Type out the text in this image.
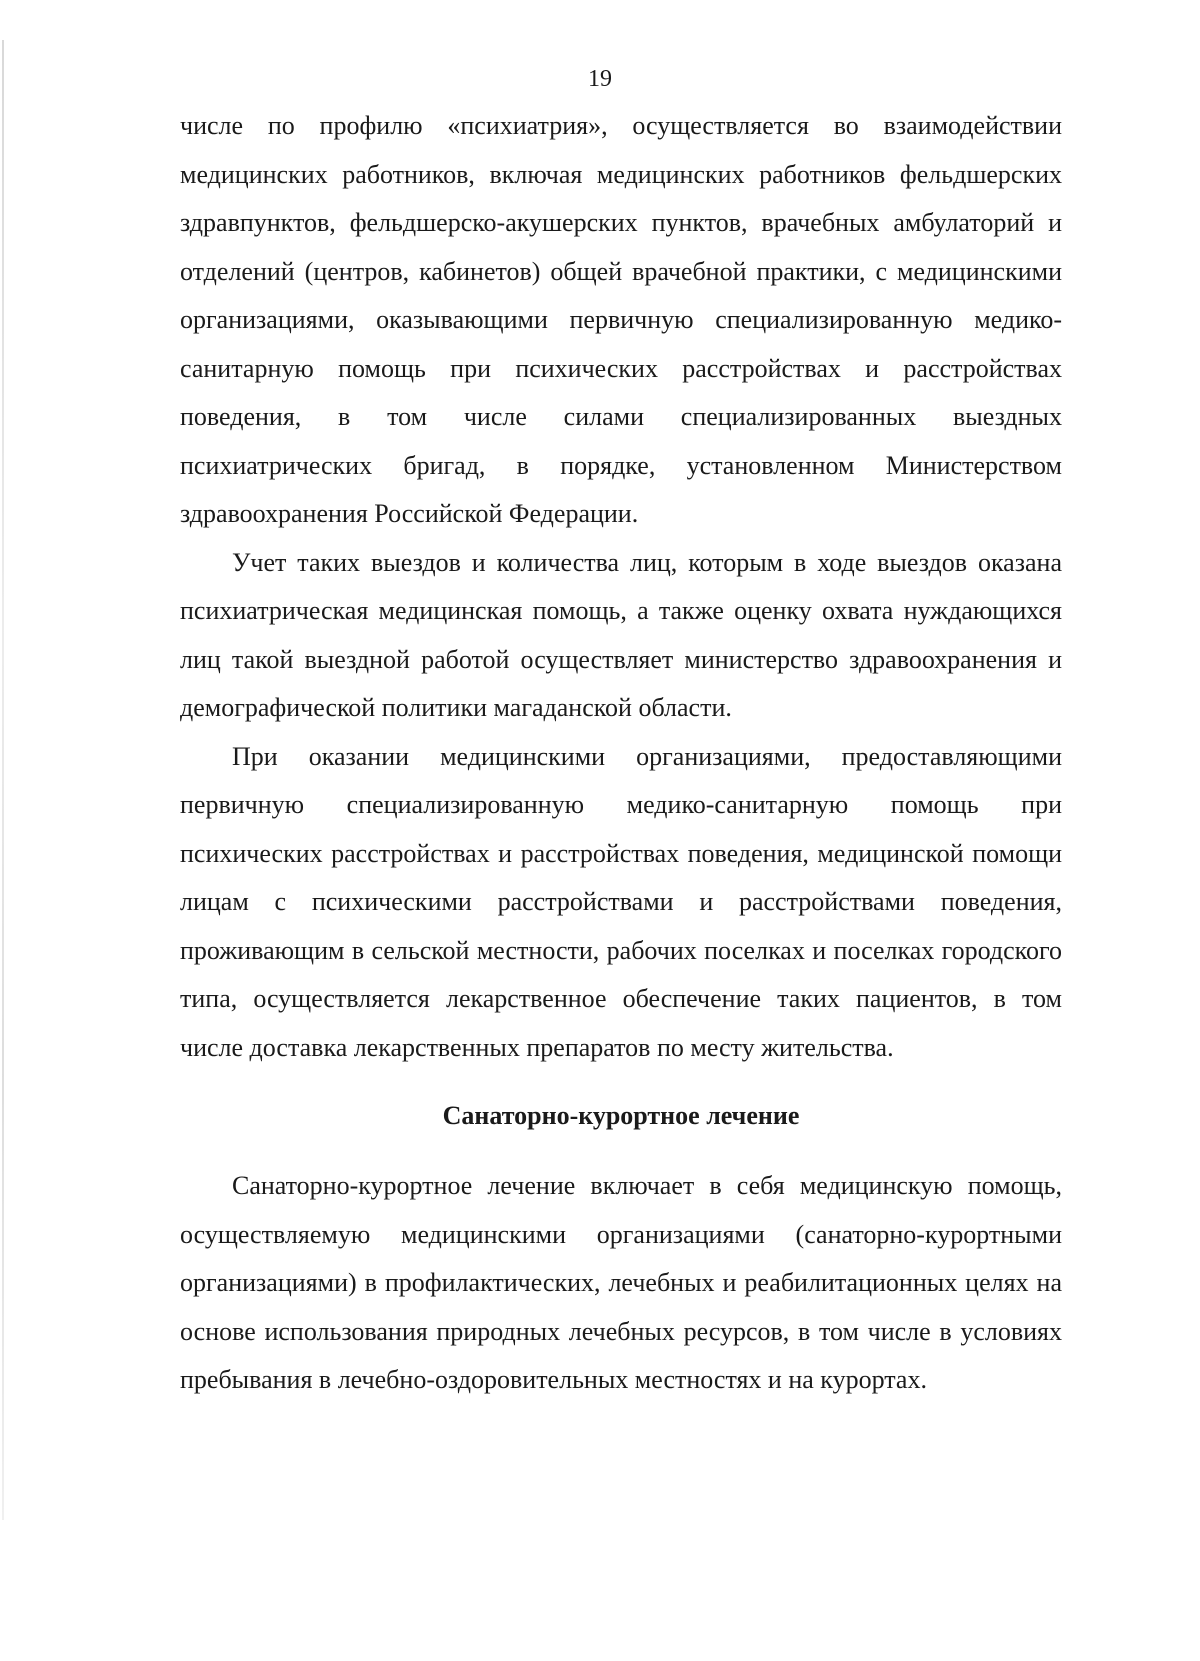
19

числе по профилю «психиатрия», осуществляется во взаимодействии медицинских работников, включая медицинских работников фельдшерских здравпунктов, фельдшерско-акушерских пунктов, врачебных амбулаторий и отделений (центров, кабинетов) общей врачебной практики, с медицинскими организациями, оказывающими первичную специализированную медико-санитарную помощь при психических расстройствах и расстройствах поведения, в том числе силами специализированных выездных психиатрических бригад, в порядке, установленном Министерством здравоохранения Российской Федерации.

Учет таких выездов и количества лиц, которым в ходе выездов оказана психиатрическая медицинская помощь, а также оценку охвата нуждающихся лиц такой выездной работой осуществляет министерство здравоохранения и демографической политики магаданской области.

При оказании медицинскими организациями, предоставляющими первичную специализированную медико-санитарную помощь при психических расстройствах и расстройствах поведения, медицинской помощи лицам с психическими расстройствами и расстройствами поведения, проживающим в сельской местности, рабочих поселках и поселках городского типа, осуществляется лекарственное обеспечение таких пациентов, в том числе доставка лекарственных препаратов по месту жительства.

Санаторно-курортное лечение

Санаторно-курортное лечение включает в себя медицинскую помощь, осуществляемую медицинскими организациями (санаторно-курортными организациями) в профилактических, лечебных и реабилитационных целях на основе использования природных лечебных ресурсов, в том числе в условиях пребывания в лечебно-оздоровительных местностях и на курортах.
